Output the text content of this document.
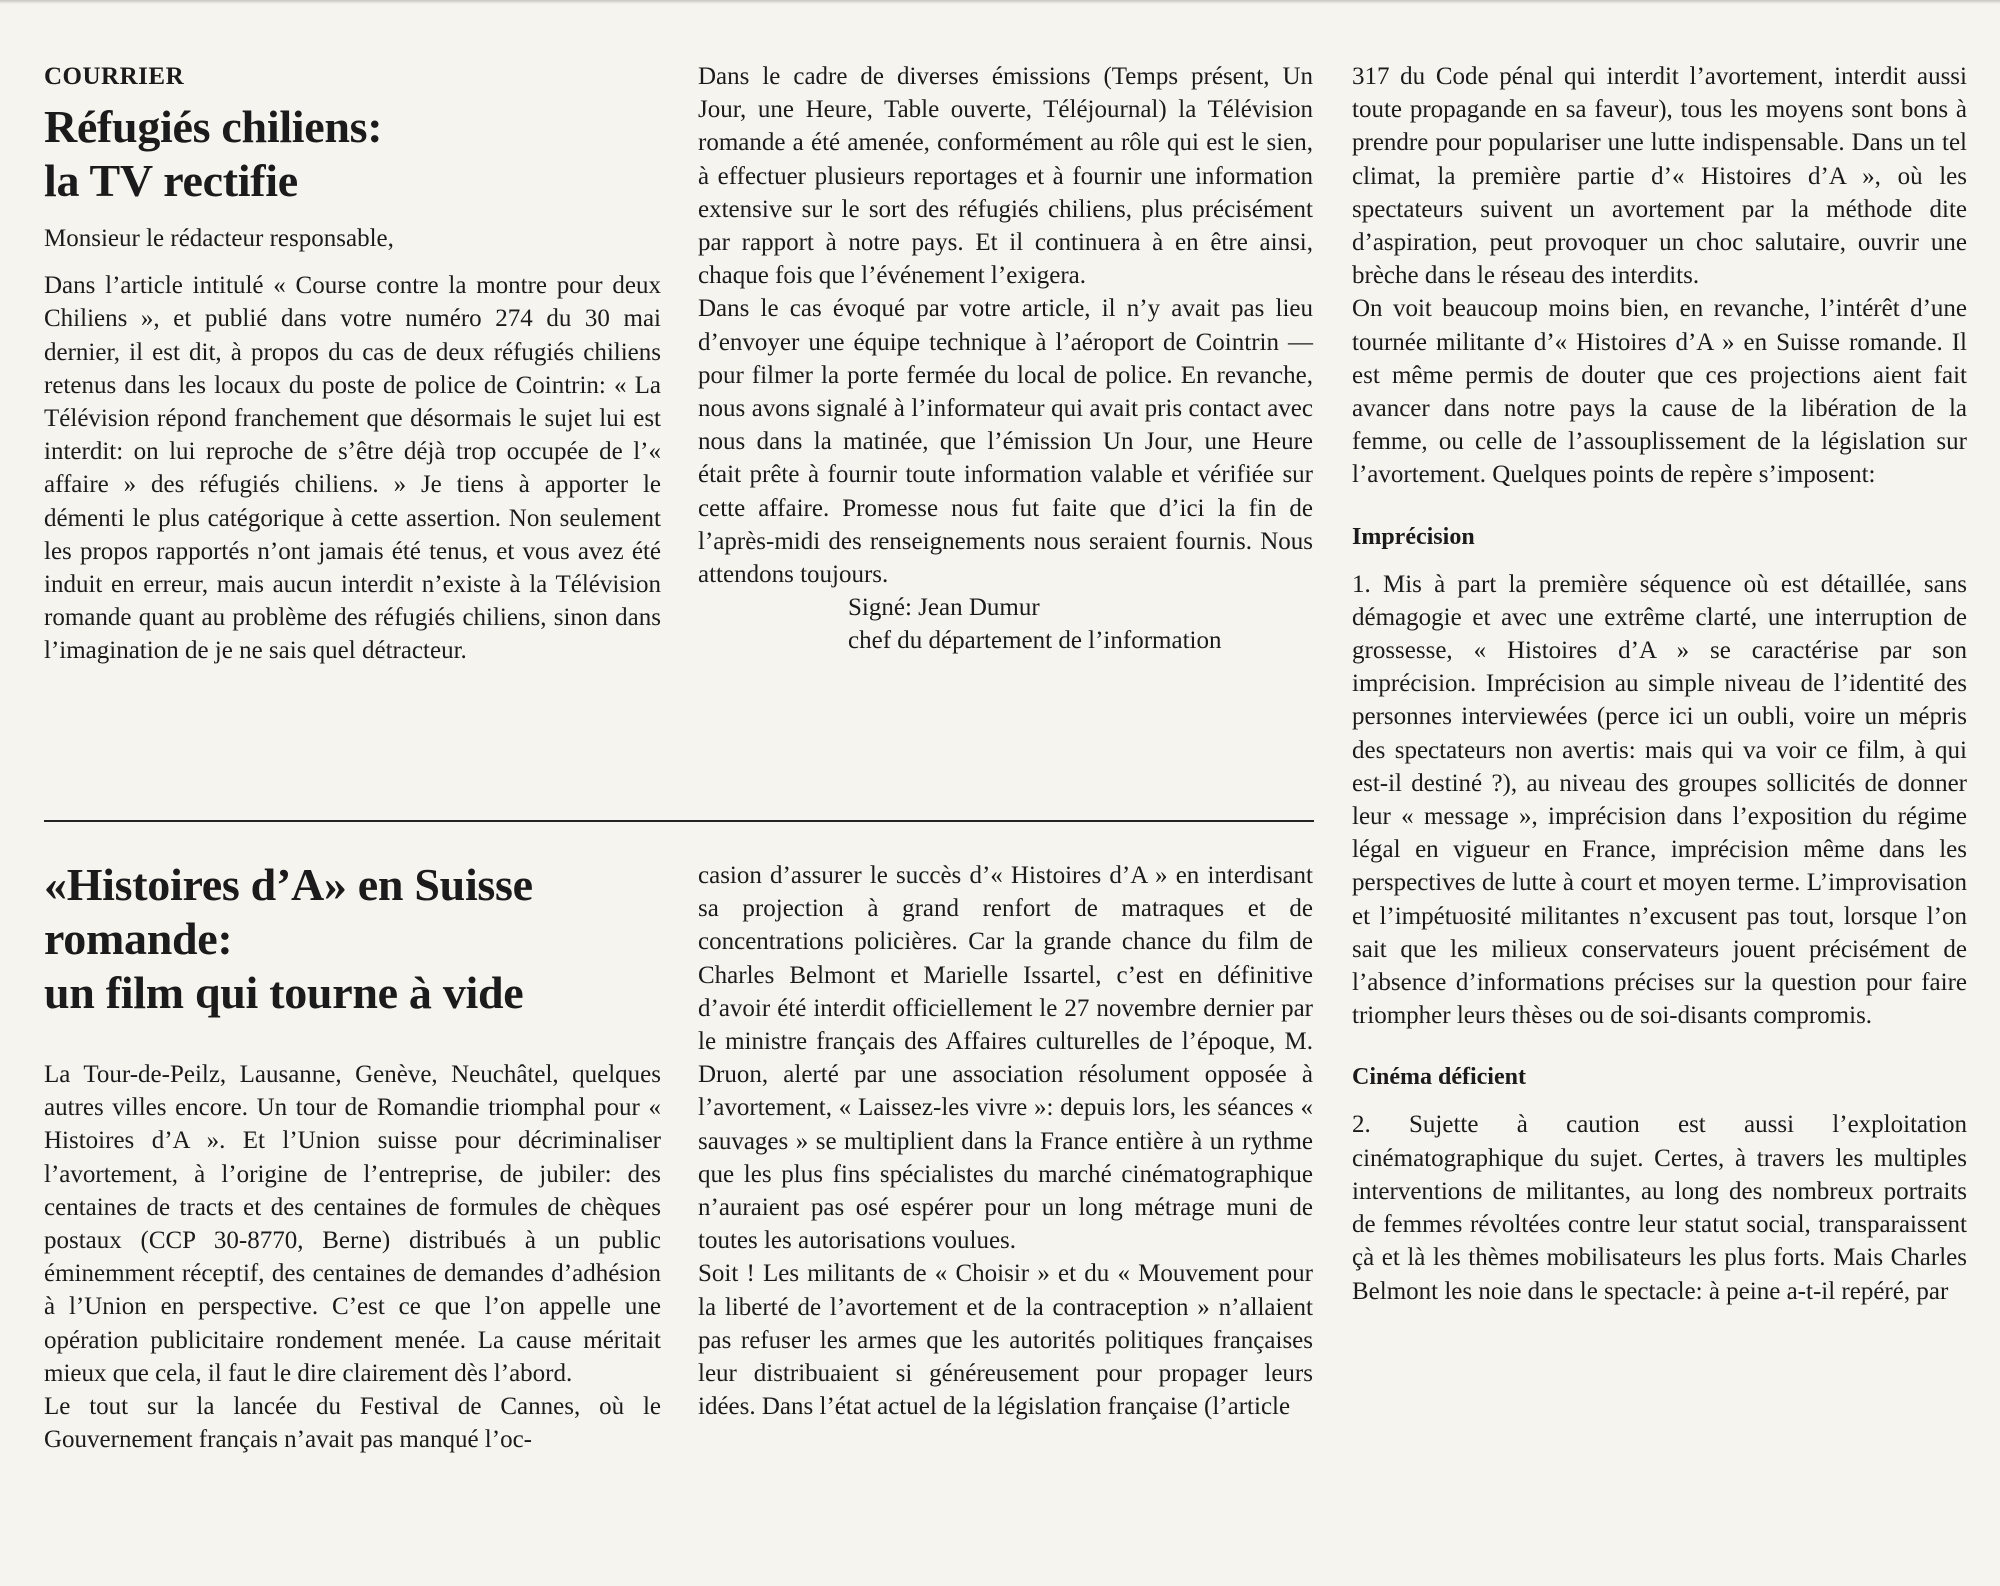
COURRIER
Réfugiés chiliens:
la TV rectifie

Monsieur le rédacteur responsable,

Dans l’article intitulé « Course contre la montre pour deux Chiliens », et publié dans votre numéro 274 du 30 mai dernier, il est dit, à propos du cas de deux réfugiés chiliens retenus dans les locaux du poste de police de Cointrin: « La Télévision répond franchement que désormais le sujet lui est interdit: on lui reproche de s’être déjà trop occupée de l’« affaire » des réfugiés chiliens. » Je tiens à apporter le démenti le plus catégorique à cette assertion. Non seulement les propos rapportés n’ont jamais été tenus, et vous avez été induit en erreur, mais aucun interdit n’existe à la Télévision romande quant au problème des réfugiés chiliens, sinon dans l’imagination de je ne sais quel détracteur.

Dans le cadre de diverses émissions (Temps présent, Un Jour, une Heure, Table ouverte, Téléjournal) la Télévision romande a été amenée, conformément au rôle qui est le sien, à effectuer plusieurs reportages et à fournir une information extensive sur le sort des réfugiés chiliens, plus précisément par rapport à notre pays. Et il continuera à en être ainsi, chaque fois que l’événement l’exigera.

Dans le cas évoqué par votre article, il n’y avait pas lieu d’envoyer une équipe technique à l’aéroport de Cointrin — pour filmer la porte fermée du local de police. En revanche, nous avons signalé à l’informateur qui avait pris contact avec nous dans la matinée, que l’émission Un Jour, une Heure était prête à fournir toute information valable et vérifiée sur cette affaire. Promesse nous fut faite que d’ici la fin de l’après-midi des renseignements nous seraient fournis. Nous attendons toujours.

Signé: Jean Dumur
chef du département de l’information
«Histoires d’A» en Suisse
romande:
un film qui tourne à vide

La Tour-de-Peilz, Lausanne, Genève, Neuchâtel, quelques autres villes encore. Un tour de Romandie triomphal pour « Histoires d’A ». Et l’Union suisse pour décriminaliser l’avortement, à l’origine de l’entreprise, de jubiler: des centaines de tracts et des centaines de formules de chèques postaux (CCP 30-8770, Berne) distribués à un public éminemment réceptif, des centaines de demandes d’adhésion à l’Union en perspective. C’est ce que l’on appelle une opération publicitaire rondement menée. La cause méritait mieux que cela, il faut le dire clairement dès l’abord.

Le tout sur la lancée du Festival de Cannes, où le Gouvernement français n’avait pas manqué l’oc-

casion d’assurer le succès d’« Histoires d’A » en interdisant sa projection à grand renfort de matraques et de concentrations policières. Car la grande chance du film de Charles Belmont et Marielle Issartel, c’est en définitive d’avoir été interdit officiellement le 27 novembre dernier par le ministre français des Affaires culturelles de l’époque, M. Druon, alerté par une association résolument opposée à l’avortement, « Laissez-les vivre »: depuis lors, les séances « sauvages » se multiplient dans la France entière à un rythme que les plus fins spécialistes du marché cinématographique n’auraient pas osé espérer pour un long métrage muni de toutes les autorisations voulues.

Soit ! Les militants de « Choisir » et du « Mouvement pour la liberté de l’avortement et de la contraception » n’allaient pas refuser les armes que les autorités politiques françaises leur distribuaient si généreusement pour propager leurs idées. Dans l’état actuel de la législation française (l’article

317 du Code pénal qui interdit l’avortement, interdit aussi toute propagande en sa faveur), tous les moyens sont bons à prendre pour populariser une lutte indispensable. Dans un tel climat, la première partie d’« Histoires d’A », où les spectateurs suivent un avortement par la méthode dite d’aspiration, peut provoquer un choc salutaire, ouvrir une brèche dans le réseau des interdits.

On voit beaucoup moins bien, en revanche, l’intérêt d’une tournée militante d’« Histoires d’A » en Suisse romande. Il est même permis de douter que ces projections aient fait avancer dans notre pays la cause de la libération de la femme, ou celle de l’assouplissement de la législation sur l’avortement. Quelques points de repère s’imposent:

Imprécision

1. Mis à part la première séquence où est détaillée, sans démagogie et avec une extrême clarté, une interruption de grossesse, « Histoires d’A » se caractérise par son imprécision. Imprécision au simple niveau de l’identité des personnes interviewées (perce ici un oubli, voire un mépris des spectateurs non avertis: mais qui va voir ce film, à qui est-il destiné ?), au niveau des groupes sollicités de donner leur « message », imprécision dans l’exposition du régime légal en vigueur en France, imprécision même dans les perspectives de lutte à court et moyen terme. L’improvisation et l’impétuosité militantes n’excusent pas tout, lorsque l’on sait que les milieux conservateurs jouent précisément de l’absence d’informations précises sur la question pour faire triompher leurs thèses ou de soi-disants compromis.

Cinéma déficient

2. Sujette à caution est aussi l’exploitation cinématographique du sujet. Certes, à travers les multiples interventions de militantes, au long des nombreux portraits de femmes révoltées contre leur statut social, transparaissent çà et là les thèmes mobilisateurs les plus forts. Mais Charles Belmont les noie dans le spectacle: à peine a-t-il repéré, par
